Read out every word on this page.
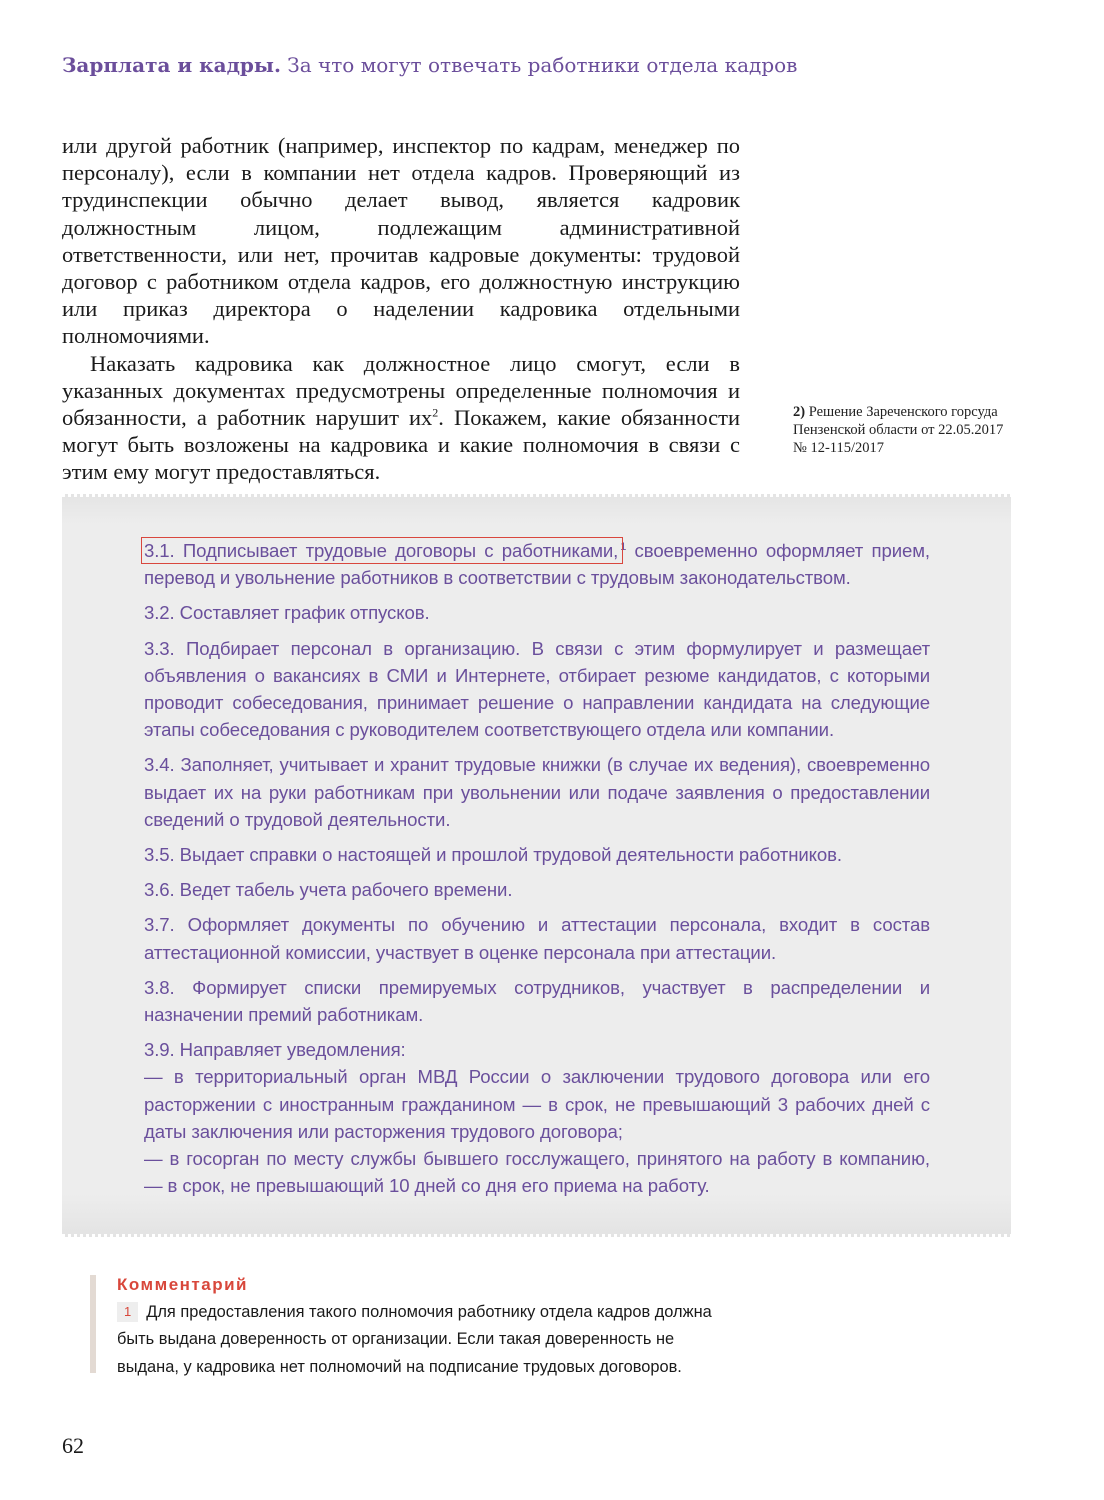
Зарплата и кадры. За что могут отвечать работники отдела кадров

или другой работник (например, инспектор по кадрам, менеджер по персоналу), если в компании нет отдела кадров. Проверяющий из трудинспекции обычно делает вывод, является кадровик должностным лицом, подлежащим административной ответственности, или нет, прочитав кадровые документы: трудовой договор с работником отдела кадров, его должностную инструкцию или приказ директора о наделении кадровика отдельными полномочиями.

Наказать кадровика как должностное лицо смогут, если в указанных документах предусмотрены определенные полномочия и обязанности, а работник нарушит $их^2$. Покажем, какие обязанности могут быть возложены на кадровика и какие полномочия в связи с этим ему могут предоставляться.

2) Решение Зареченского горсуда Пензенской области от 22.05.2017 № 12-115/2017

3.1. Подписывает трудовые договоры с работниками, $^1$ своевременно оформляет прием, перевод и увольнение работников в соответствии с трудовым законодательством.

3.2. Составляет график отпусков.

3.3. Подбирает персонал в организацию. В связи с этим формулирует и размещает объявления о вакансиях в СМИ и Интернете, отбирает резюме кандидатов, с которыми проводит собеседования, принимает решение о направлении кандидата на следующие этапы собеседования с руководителем соответствующего отдела или компании.

3.4. Заполняет, учитывает и хранит трудовые книжки (в случае их ведения), своевременно выдает их на руки работникам при увольнении или подаче заявления о предоставлении сведений о трудовой деятельности.

3.5. Выдает справки о настоящей и прошлой трудовой деятельности работников.

3.6. Ведет табель учета рабочего времени.

3.7. Оформляет документы по обучению и аттестации персонала, входит в состав аттестационной комиссии, участвует в оценке персонала при аттестации.

3.8. Формирует списки премируемых сотрудников, участвует в распределении и назначении премий работникам.

3.9. Направляет уведомления:
— в территориальный орган МВД России о заключении трудового договора или его расторжении с иностранным гражданином — в срок, не превышающий 3 рабочих дней с даты заключения или расторжения трудового договора;
— в госорган по месту службы бывшего госслужащего, принятого на работу в компанию, — в срок, не превышающий 10 дней со дня его приема на работу.

Комментарий
1 Для предоставления такого полномочия работнику отдела кадров должна быть выдана доверенность от организации. Если такая доверенность не выдана, у кадровика нет полномочий на подписание трудовых договоров.
62
